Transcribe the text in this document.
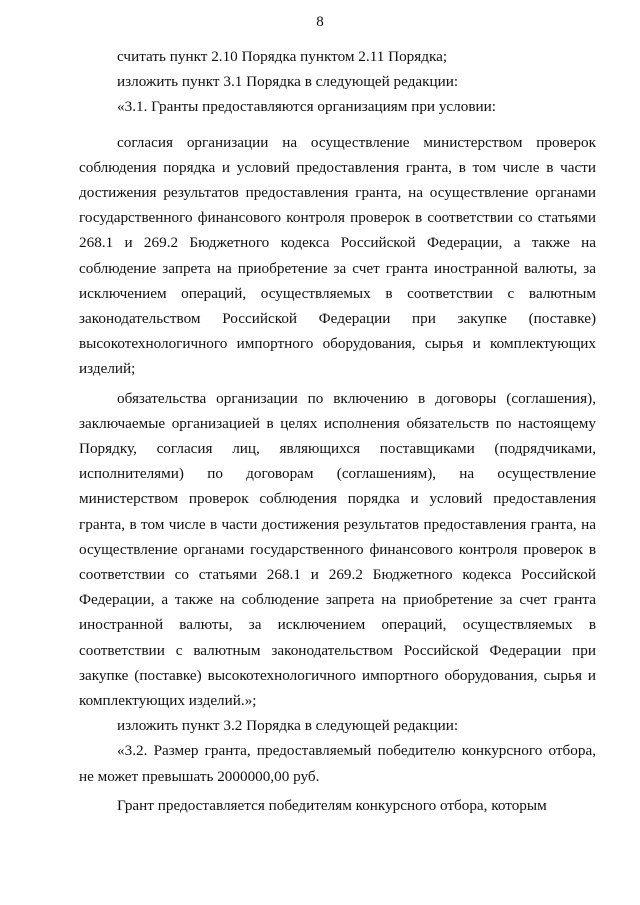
8

считать пункт 2.10 Порядка пунктом 2.11 Порядка;

изложить пункт 3.1 Порядка в следующей редакции:

«3.1. Гранты предоставляются организациям при условии:

согласия организации на осуществление министерством проверок соблюдения порядка и условий предоставления гранта, в том числе в части достижения результатов предоставления гранта, на осуществление органами государственного финансового контроля проверок в соответствии со статьями 268.1 и 269.2 Бюджетного кодекса Российской Федерации, а также на соблюдение запрета на приобретение за счет гранта иностранной валюты, за исключением операций, осуществляемых в соответствии с валютным законодательством Российской Федерации при закупке (поставке) высокотехнологичного импортного оборудования, сырья и комплектующих изделий;

обязательства организации по включению в договоры (соглашения), заключаемые организацией в целях исполнения обязательств по настоящему Порядку, согласия лиц, являющихся поставщиками (подрядчиками, исполнителями) по договорам (соглашениям), на осуществление министерством проверок соблюдения порядка и условий предоставления гранта, в том числе в части достижения результатов предоставления гранта, на осуществление органами государственного финансового контроля проверок в соответствии со статьями 268.1 и 269.2 Бюджетного кодекса Российской Федерации, а также на соблюдение запрета на приобретение за счет гранта иностранной валюты, за исключением операций, осуществляемых в соответствии с валютным законодательством Российской Федерации при закупке (поставке) высокотехнологичного импортного оборудования, сырья и комплектующих изделий.»;

изложить пункт 3.2 Порядка в следующей редакции:

«3.2. Размер гранта, предоставляемый победителю конкурсного отбора, не может превышать 2000000,00 руб.

Грант предоставляется победителям конкурсного отбора, которым
